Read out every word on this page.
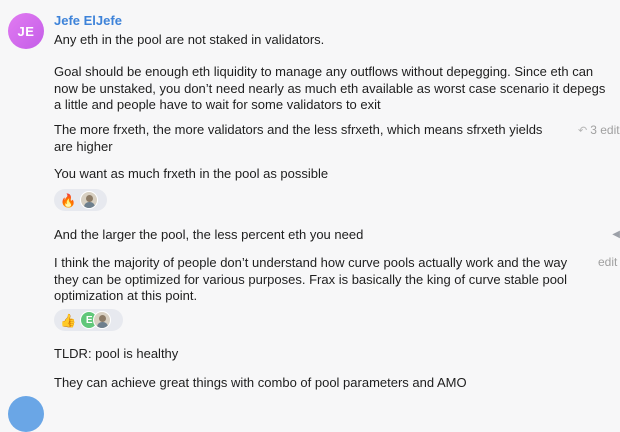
JE
Jefe ElJefe
Any eth in the pool are not staked in validators.
Goal should be enough eth liquidity to manage any outflows without depegging. Since eth can now be unstaked, you don’t need nearly as much eth available as worst case scenario it depegs a little and people have to wait for some validators to exit
The more frxeth, the more validators and the less sfrxeth, which means sfrxeth yields are higher
↶ 3 edit
You want as much frxeth in the pool as possible
🔥
And the larger the pool, the less percent eth you need	◀
I think the majority of people don’t understand how curve pools actually work and the way they can be optimized for various purposes. Frax is basically the king of curve stable pool optimization at this point.
edit
👍 E
TLDR: pool is healthy
They can achieve great things with combo of pool parameters and AMO
